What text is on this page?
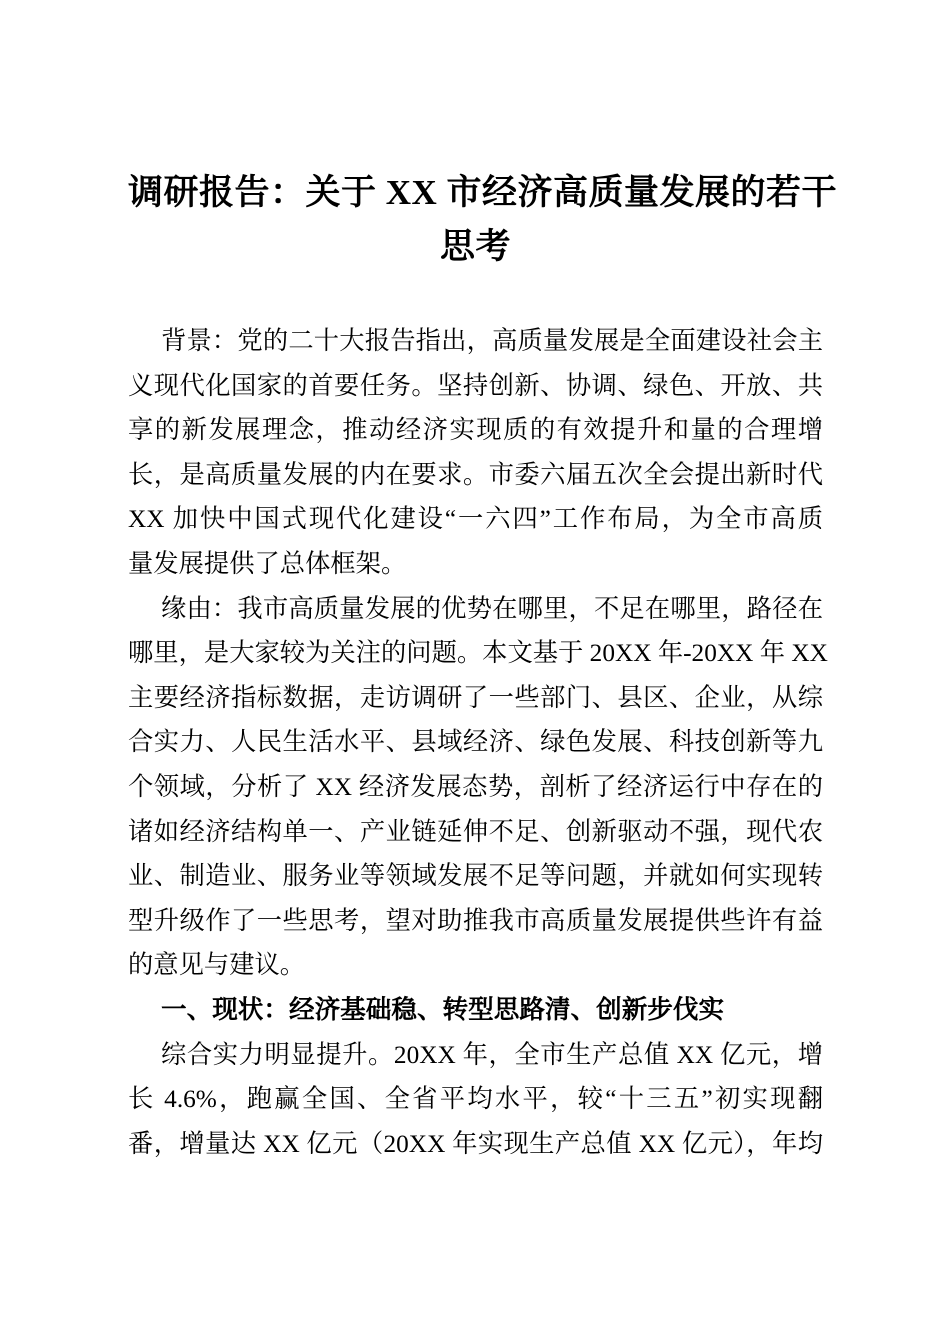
调研报告：关于 XX 市经济高质量发展的若干
思考
背景：党的二十大报告指出，高质量发展是全面建设社会主
义现代化国家的首要任务。坚持创新、协调、绿色、开放、共
享的新发展理念，推动经济实现质的有效提升和量的合理增
长，是高质量发展的内在要求。市委六届五次全会提出新时代
XX 加快中国式现代化建设“一六四”工作布局，为全市高质
量发展提供了总体框架。
缘由：我市高质量发展的优势在哪里，不足在哪里，路径在
哪里，是大家较为关注的问题。本文基于 20XX 年-20XX 年 XX
主要经济指标数据，走访调研了一些部门、县区、企业，从综
合实力、人民生活水平、县域经济、绿色发展、科技创新等九
个领域，分析了 XX 经济发展态势，剖析了经济运行中存在的
诸如经济结构单一、产业链延伸不足、创新驱动不强，现代农
业、制造业、服务业等领域发展不足等问题，并就如何实现转
型升级作了一些思考，望对助推我市高质量发展提供些许有益
的意见与建议。
一、现状：经济基础稳、转型思路清、创新步伐实
综合实力明显提升。20XX 年，全市生产总值 XX 亿元，增
长 4.6%，跑赢全国、全省平均水平，较“十三五”初实现翻
番，增量达 XX 亿元（20XX 年实现生产总值 XX 亿元），年均
